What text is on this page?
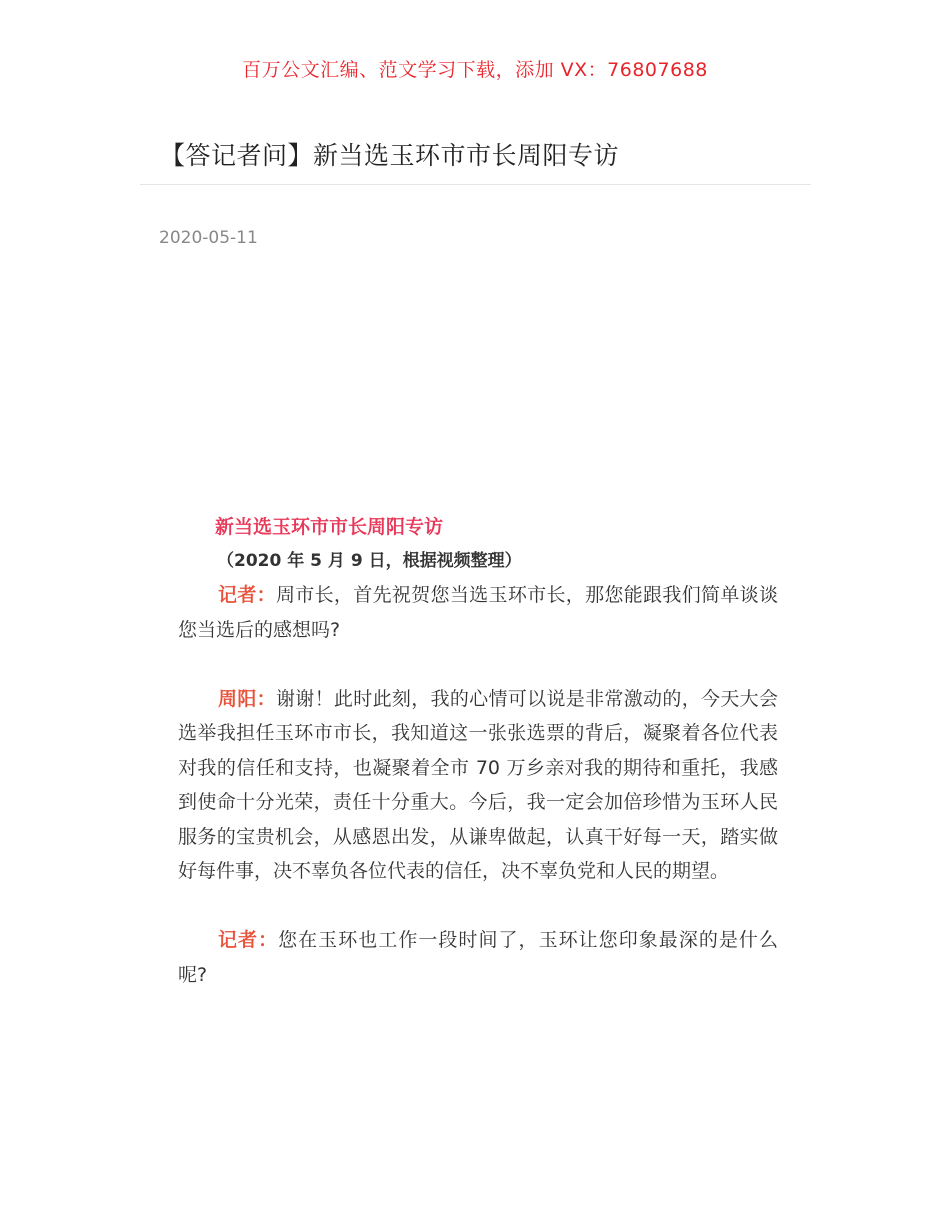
百万公文汇编、范文学习下载，添加 VX：76807688
【答记者问】新当选玉环市市长周阳专访
2020-05-11
新当选玉环市市长周阳专访
（2020 年 5 月 9 日，根据视频整理）

记者：周市长，首先祝贺您当选玉环市长，那您能跟我们简单谈谈您当选后的感想吗?

周阳：谢谢！此时此刻，我的心情可以说是非常激动的，今天大会选举我担任玉环市市长，我知道这一张张选票的背后，凝聚着各位代表对我的信任和支持，也凝聚着全市 70 万乡亲对我的期待和重托，我感到使命十分光荣，责任十分重大。今后，我一定会加倍珍惜为玉环人民服务的宝贵机会，从感恩出发，从谦卑做起，认真干好每一天，踏实做好每件事，决不辜负各位代表的信任，决不辜负党和人民的期望。

记者：您在玉环也工作一段时间了，玉环让您印象最深的是什么呢?
